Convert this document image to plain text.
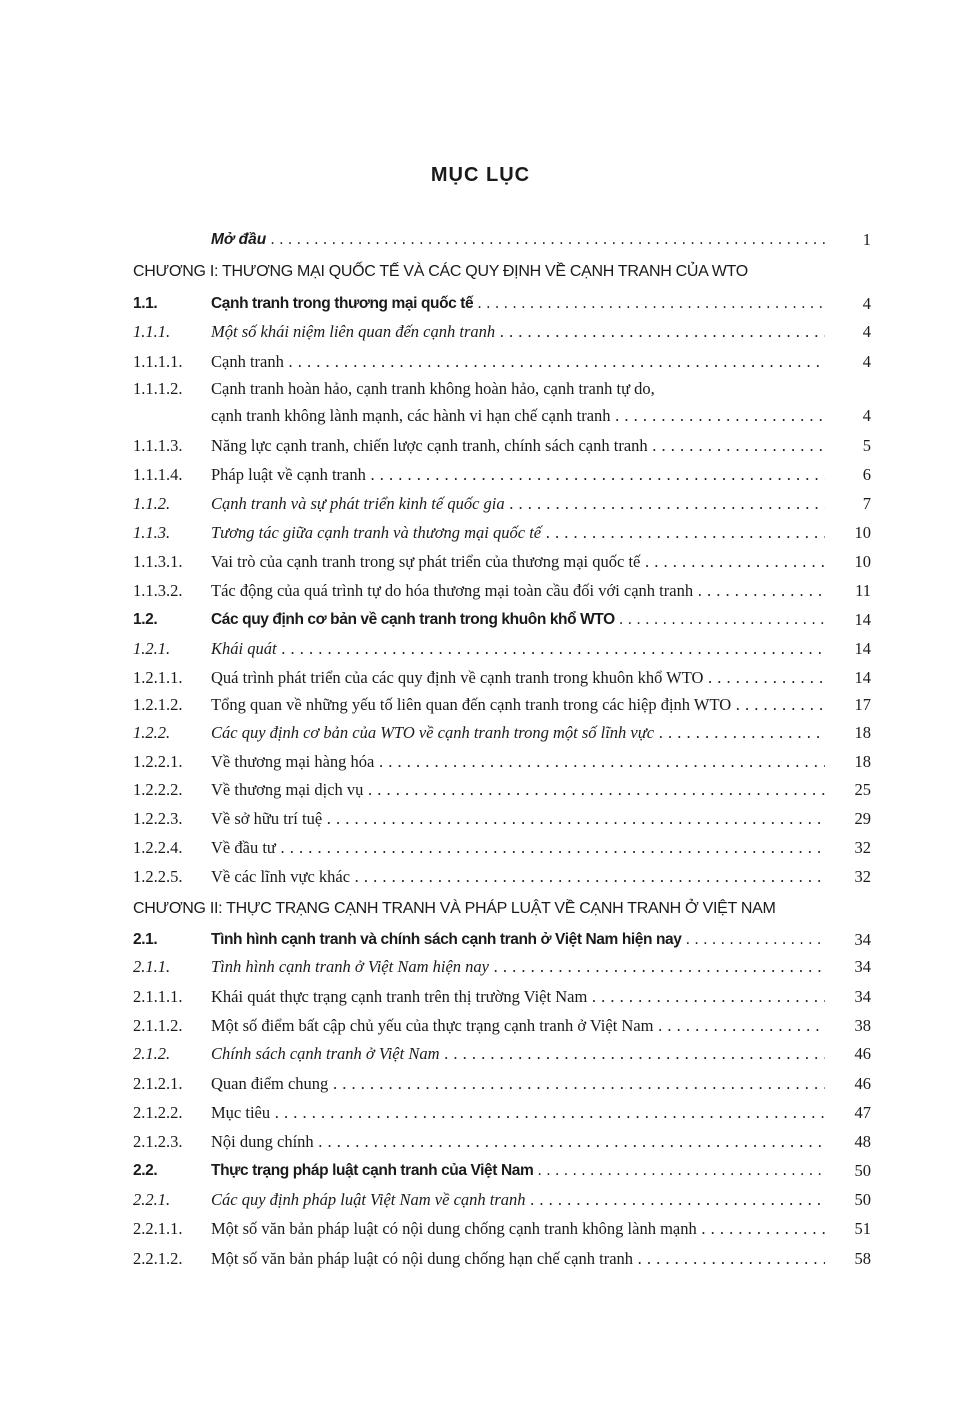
MỤC LỤC
Mở đầu . . .	1
CHƯƠNG I: THƯƠNG MẠI QUỐC TẾ VÀ CÁC QUY ĐỊNH VỀ CẠNH TRANH CỦA WTO
1.1.	Cạnh tranh trong thương mại quốc tế . . .	4
1.1.1. Một số khái niệm liên quan đến cạnh tranh . . .	4
1.1.1.1. Cạnh tranh . . .	4
1.1.1.2. Cạnh tranh hoàn hảo, cạnh tranh không hoàn hảo, cạnh tranh tự do,
cạnh tranh không lành mạnh, các hành vi hạn chế cạnh tranh . . .	4
1.1.1.3. Năng lực cạnh tranh, chiến lược cạnh tranh, chính sách cạnh tranh . . .	5
1.1.1.4. Pháp luật về cạnh tranh . . .	6
1.1.2. Cạnh tranh và sự phát triển kinh tế quốc gia . . .	7
1.1.3. Tương tác giữa cạnh tranh và thương mại quốc tế . . .	10
1.1.3.1. Vai trò của cạnh tranh trong sự phát triển của thương mại quốc tế . . .	10
1.1.3.2. Tác động của quá trình tự do hóa thương mại toàn cầu đối với cạnh tranh . . .	11
1.2.	Các quy định cơ bản về cạnh tranh trong khuôn khổ WTO . . .	14
1.2.1. Khái quát . . .	14
1.2.1.1. Quá trình phát triển của các quy định về cạnh tranh trong khuôn khổ WTO . . .	14
1.2.1.2. Tổng quan về những yếu tố liên quan đến cạnh tranh trong các hiệp định WTO . . .	17
1.2.2. Các quy định cơ bản của WTO về cạnh tranh trong một số lĩnh vực . . .	18
1.2.2.1. Về thương mại hàng hóa . . .	18
1.2.2.2. Về thương mại dịch vụ . . .	25
1.2.2.3. Về sở hữu trí tuệ . . .	29
1.2.2.4. Về đầu tư . . .	32
1.2.2.5. Về các lĩnh vực khác . . .	32
CHƯƠNG II: THỰC TRẠNG CẠNH TRANH VÀ PHÁP LUẬT VỀ CẠNH TRANH Ở VIỆT NAM
2.1.	Tình hình cạnh tranh và chính sách cạnh tranh ở Việt Nam hiện nay . . .	34
2.1.1. Tình hình cạnh tranh ở Việt Nam hiện nay . . .	34
2.1.1.1. Khái quát thực trạng cạnh tranh trên thị trường Việt Nam . . .	34
2.1.1.2. Một số điểm bất cập chủ yếu của thực trạng cạnh tranh ở Việt Nam . . .	38
2.1.2. Chính sách cạnh tranh ở Việt Nam . . .	46
2.1.2.1. Quan điểm chung . . .	46
2.1.2.2. Mục tiêu . . .	47
2.1.2.3. Nội dung chính . . .	48
2.2.	Thực trạng pháp luật cạnh tranh của Việt Nam . . .	50
2.2.1. Các quy định pháp luật Việt Nam về cạnh tranh . . .	50
2.2.1.1. Một số văn bản pháp luật có nội dung chống cạnh tranh không lành mạnh . . .	51
2.2.1.2. Một số văn bản pháp luật có nội dung chống hạn chế cạnh tranh . . .	58
